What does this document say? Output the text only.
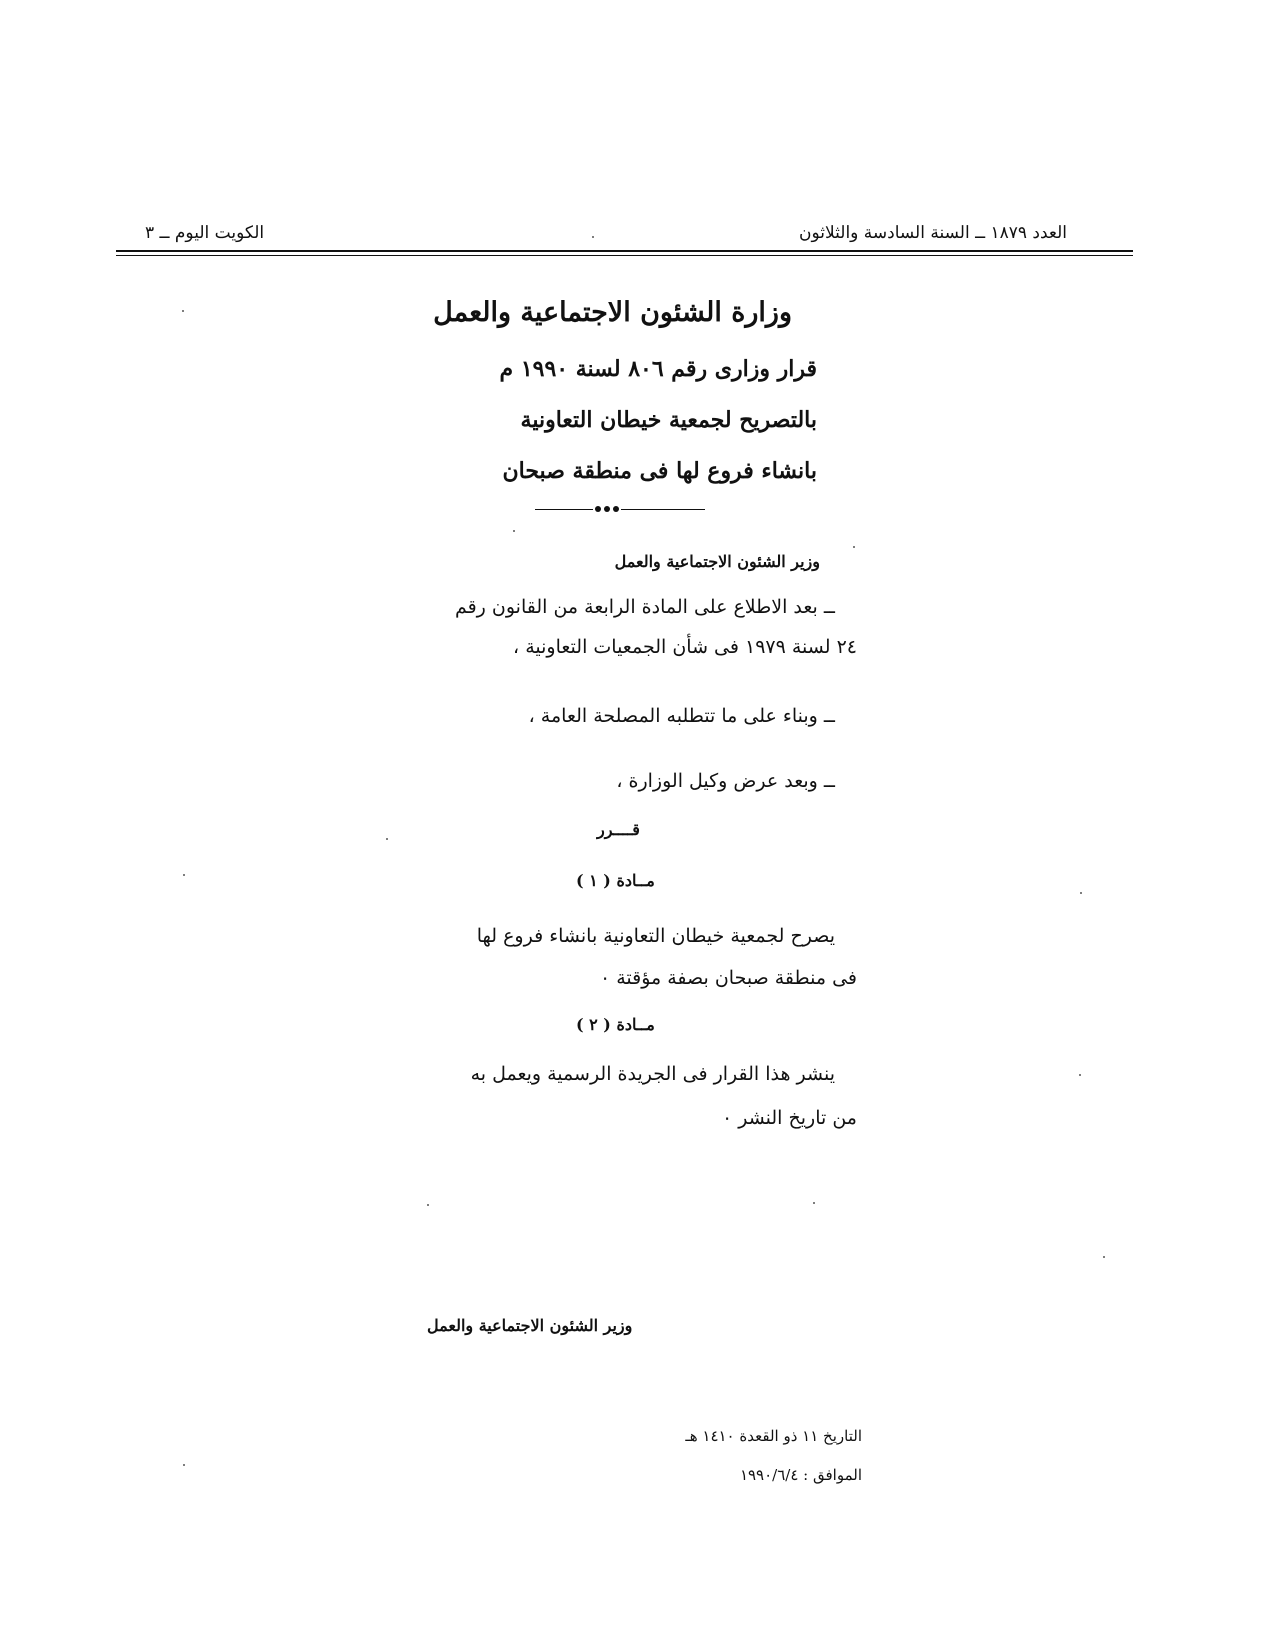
العدد ١٨٧٩ ــ السنة السادسة والثلاثون
الكويت اليوم ــ ٣
وزارة الشئون الاجتماعية والعمل
قرار وزارى رقم ٨٠٦ لسنة ١٩٩٠ م
بالتصريح لجمعية خيطان التعاونية
بانشاء فروع لها فى منطقة صبحان
وزير الشئون الاجتماعية والعمل
ــ بعد الاطلاع على المادة الرابعة من القانون رقم
٢٤ لسنة ١٩٧٩ فى شأن الجمعيات التعاونية ،
ــ وبناء على ما تتطلبه المصلحة العامة ،
ــ وبعد عرض وكيل الوزارة ،
قــــرر
مــادة ( ١ )
يصرح لجمعية خيطان التعاونية بانشاء فروع لها
فى منطقة صبحان بصفة مؤقتة ٠
مــادة ( ٢ )
ينشر هذا القرار فى الجريدة الرسمية ويعمل به
من تاريخ النشر ٠
وزير الشئون الاجتماعية والعمل
التاريخ ١١ ذو القعدة ١٤١٠ هـ
الموافق : ١٩٩٠/٦/٤
